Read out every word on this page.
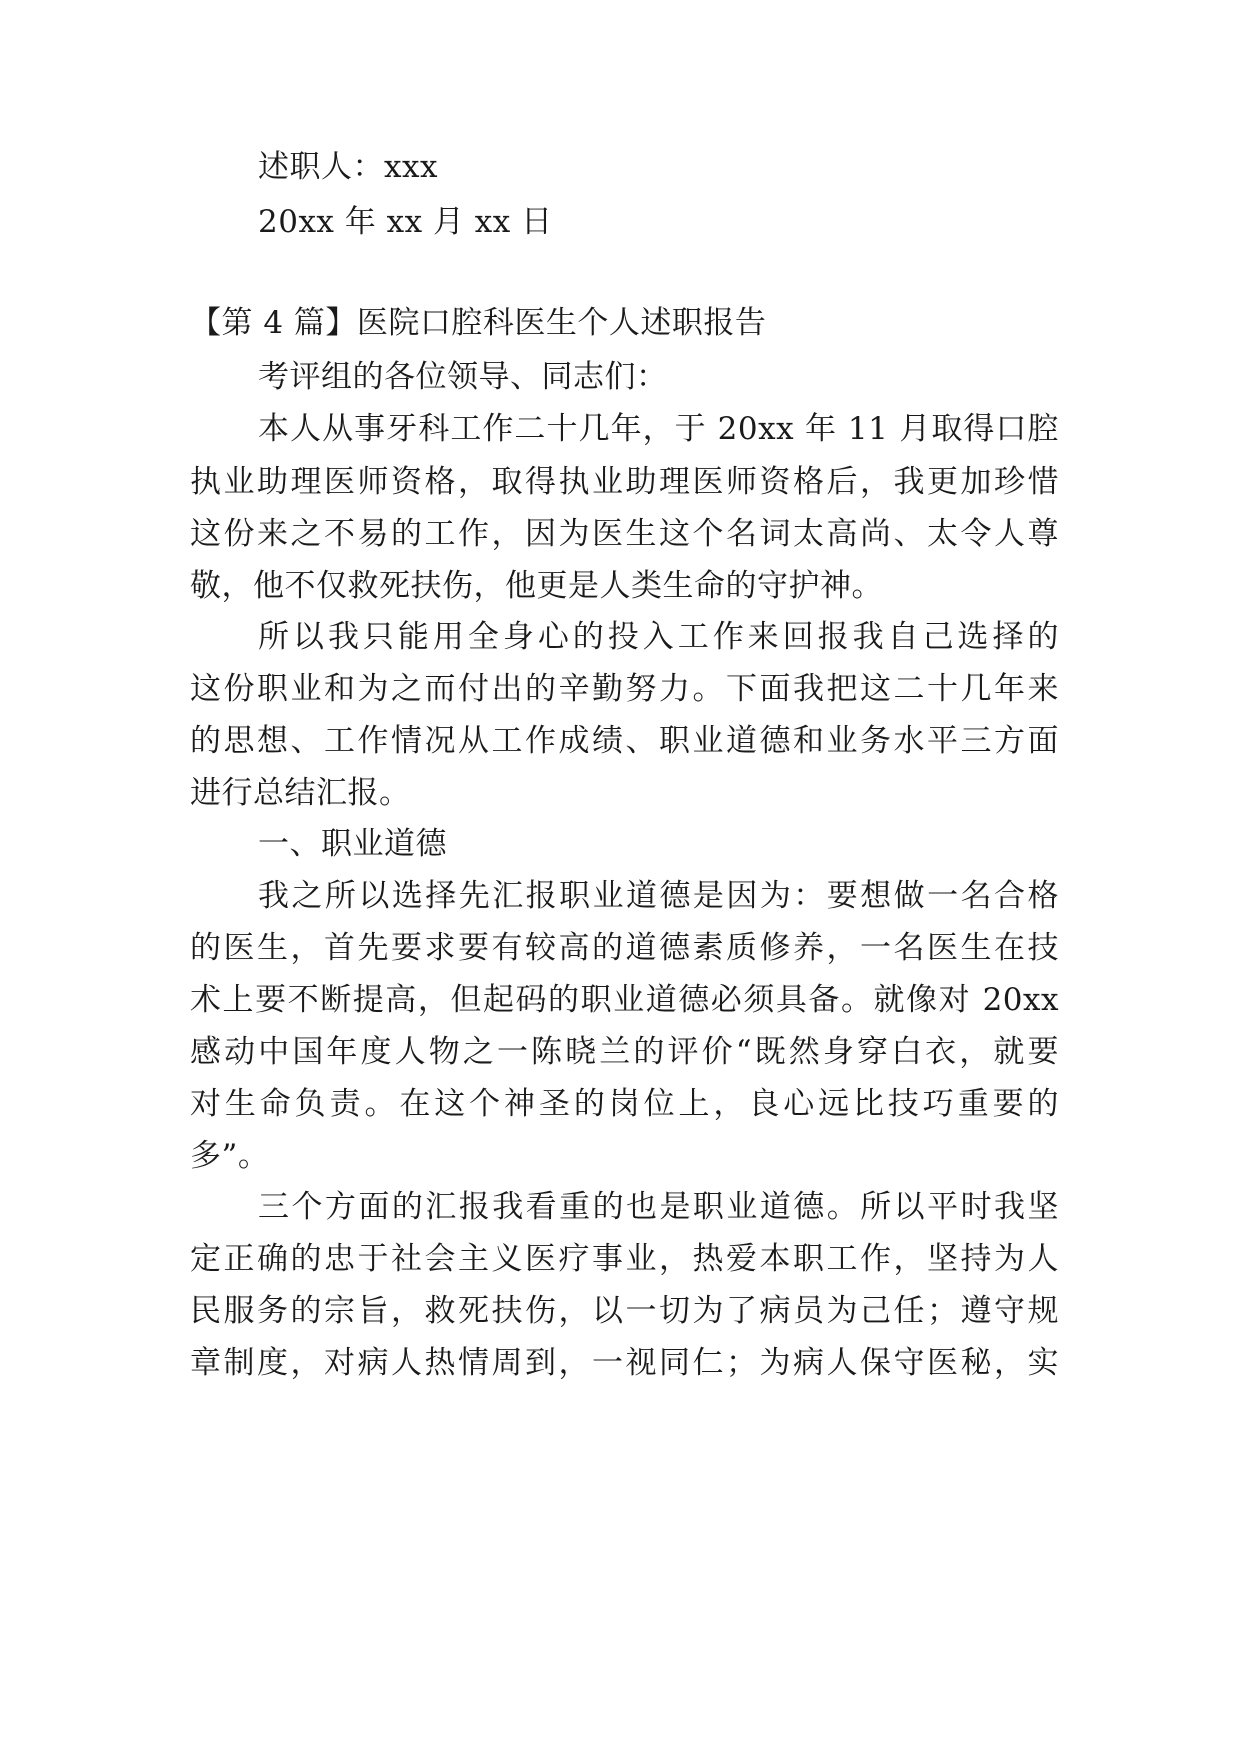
述职人：xxx
20xx 年 xx 月 xx 日
【第 4 篇】医院口腔科医生个人述职报告
考评组的各位领导、同志们：
本人从事牙科工作二十几年，于 20xx 年 11 月取得口腔
执业助理医师资格，取得执业助理医师资格后，我更加珍惜
这份来之不易的工作，因为医生这个名词太高尚、太令人尊
敬，他不仅救死扶伤，他更是人类生命的守护神。
所以我只能用全身心的投入工作来回报我自己选择的
这份职业和为之而付出的辛勤努力。下面我把这二十几年来
的思想、工作情况从工作成绩、职业道德和业务水平三方面
进行总结汇报。
一、职业道德
我之所以选择先汇报职业道德是因为：要想做一名合格
的医生，首先要求要有较高的道德素质修养，一名医生在技
术上要不断提高，但起码的职业道德必须具备。就像对 20xx
感动中国年度人物之一陈晓兰的评价“既然身穿白衣，就要
对生命负责。在这个神圣的岗位上，良心远比技巧重要的
多”。
三个方面的汇报我看重的也是职业道德。所以平时我坚
定正确的忠于社会主义医疗事业，热爱本职工作，坚持为人
民服务的宗旨，救死扶伤，以一切为了病员为己任；遵守规
章制度，对病人热情周到，一视同仁；为病人保守医秘，实
